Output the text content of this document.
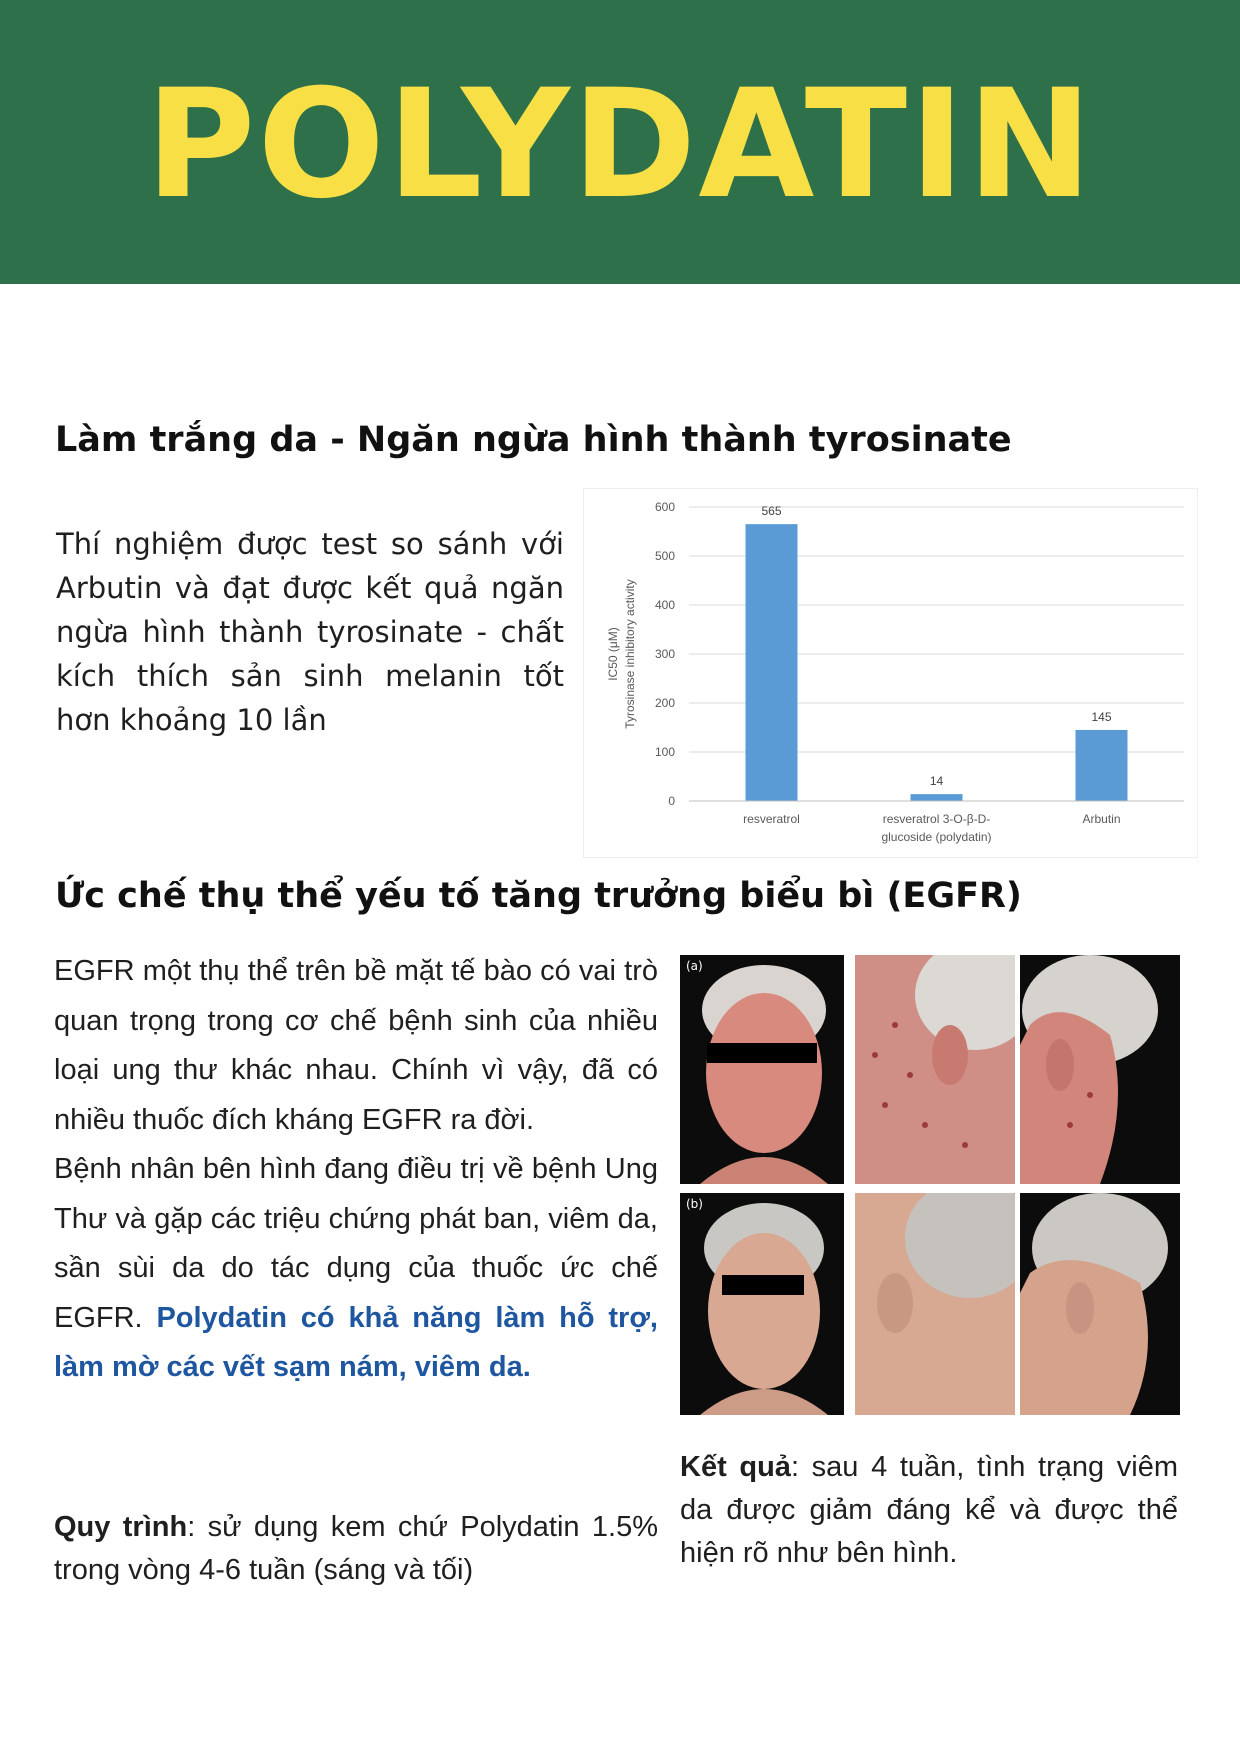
POLYDATIN
Làm trắng da - Ngăn ngừa hình thành tyrosinate

Thí nghiệm được test so sánh với Arbutin và đạt được kết quả ngăn ngừa hình thành tyrosinate - chất kích thích sản sinh melanin tốt hơn khoảng 10 lần

0
100
200
300
400
500
600
Tyrosinase inhibitory activity
IC50 (μM)
565
resveratrol
14
resveratrol 3-O-β-D-
glucoside (polydatin)
145
Arbutin
Ức chế thụ thể yếu tố tăng trưởng biểu bì (EGFR)

EGFR một thụ thể trên bề mặt tế bào có vai trò quan trọng trong cơ chế bệnh sinh của nhiều loại ung thư khác nhau. Chính vì vậy, đã có nhiều thuốc đích kháng EGFR ra đời.

Bệnh nhân bên hình đang điều trị về bệnh Ung Thư và gặp các triệu chứng phát ban, viêm da, sần sùi da do tác dụng của thuốc ức chế EGFR. Polydatin có khả năng làm hỗ trợ, làm mờ các vết sạm nám, viêm da.

Quy trình: sử dụng kem chứ Polydatin 1.5% trong vòng 4-6 tuần (sáng và tối)

(a)
(b)

Kết quả: sau 4 tuần, tình trạng viêm da được giảm đáng kể và được thể hiện rõ như bên hình.
